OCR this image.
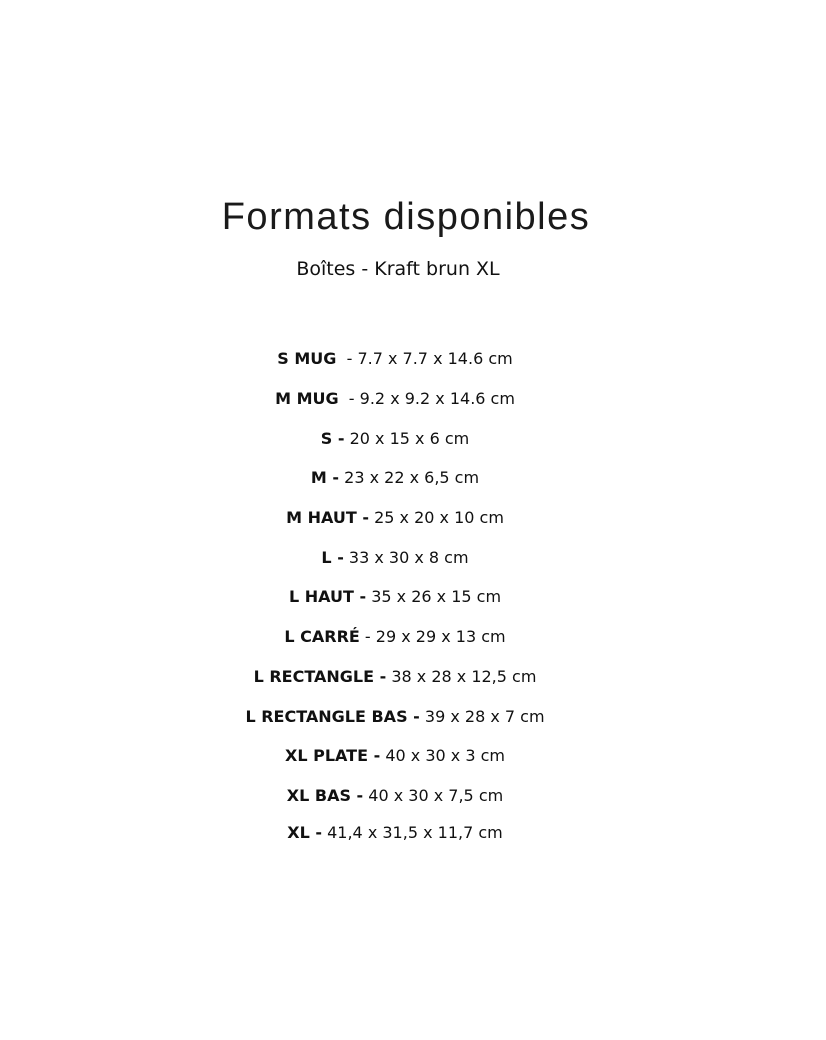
Formats disponibles
Boîtes - Kraft brun XL
S MUG - 7.7 x 7.7 x 14.6 cm
M MUG - 9.2 x 9.2 x 14.6 cm
S - 20 x 15 x 6 cm
M - 23 x 22 x 6,5 cm
M HAUT - 25 x 20 x 10 cm
L - 33 x 30 x 8 cm
L HAUT - 35 x 26 x 15 cm
L CARRÉ - 29 x 29 x 13 cm
L RECTANGLE - 38 x 28 x 12,5 cm
L RECTANGLE BAS - 39 x 28 x 7 cm
XL PLATE - 40 x 30 x 3 cm
XL BAS - 40 x 30 x 7,5 cm
XL - 41,4 x 31,5 x 11,7 cm
